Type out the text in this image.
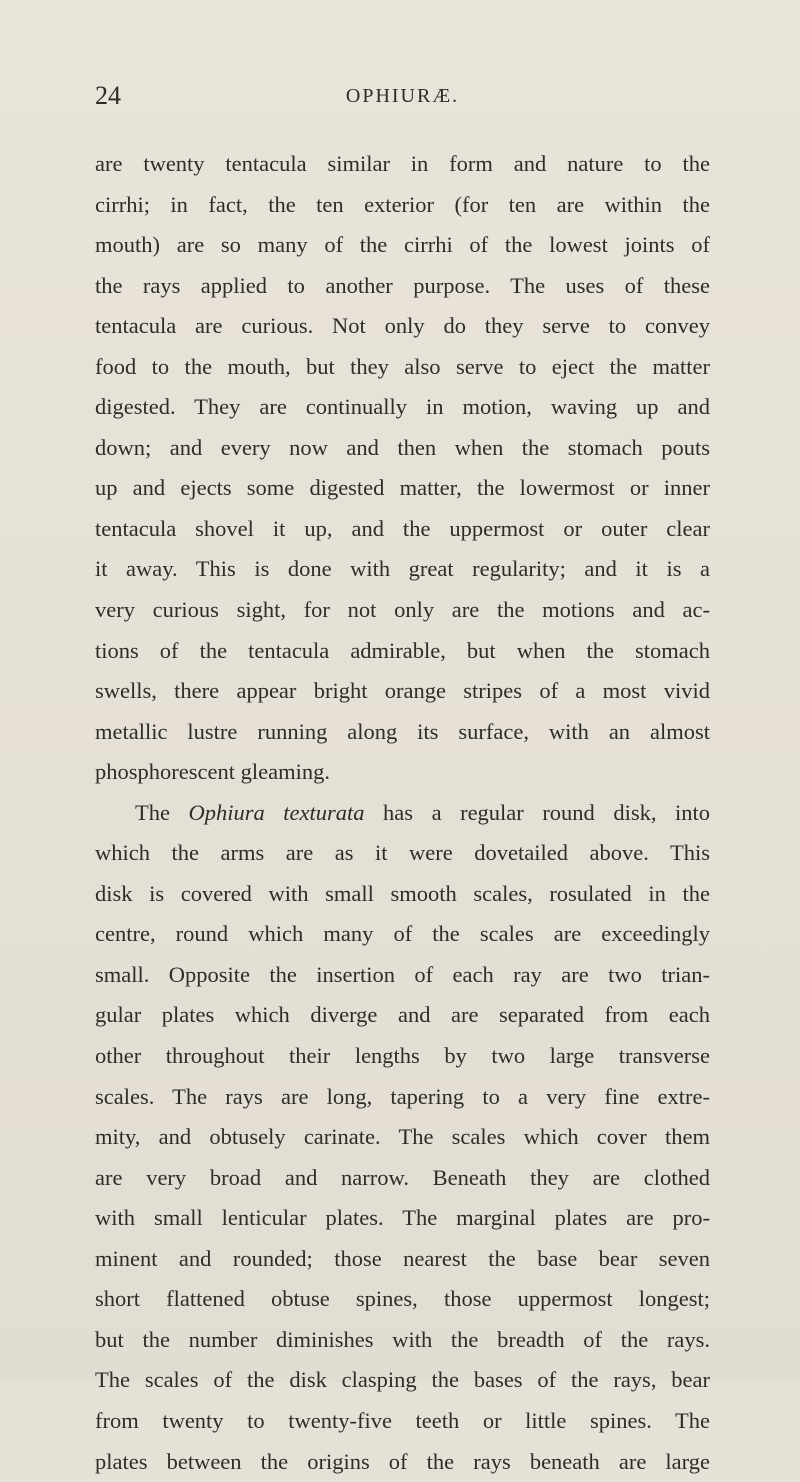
24	OPHIURÆ.
are twenty tentacula similar in form and nature to the
cirrhi; in fact, the ten exterior (for ten are within the
mouth) are so many of the cirrhi of the lowest joints of
the rays applied to another purpose. The uses of these
tentacula are curious. Not only do they serve to convey
food to the mouth, but they also serve to eject the matter
digested. They are continually in motion, waving up and
down; and every now and then when the stomach pouts
up and ejects some digested matter, the lowermost or inner
tentacula shovel it up, and the uppermost or outer clear
it away. This is done with great regularity; and it is a
very curious sight, for not only are the motions and ac-
tions of the tentacula admirable, but when the stomach
swells, there appear bright orange stripes of a most vivid
metallic lustre running along its surface, with an almost
phosphorescent gleaming.
The Ophiura texturata has a regular round disk, into
which the arms are as it were dovetailed above. This
disk is covered with small smooth scales, rosulated in the
centre, round which many of the scales are exceedingly
small. Opposite the insertion of each ray are two trian-
gular plates which diverge and are separated from each
other throughout their lengths by two large transverse
scales. The rays are long, tapering to a very fine extre-
mity, and obtusely carinate. The scales which cover them
are very broad and narrow. Beneath they are clothed
with small lenticular plates. The marginal plates are pro-
minent and rounded; those nearest the base bear seven
short flattened obtuse spines, those uppermost longest;
but the number diminishes with the breadth of the rays.
The scales of the disk clasping the bases of the rays, bear
from twenty to twenty-five teeth or little spines. The
plates between the origins of the rays beneath are large
